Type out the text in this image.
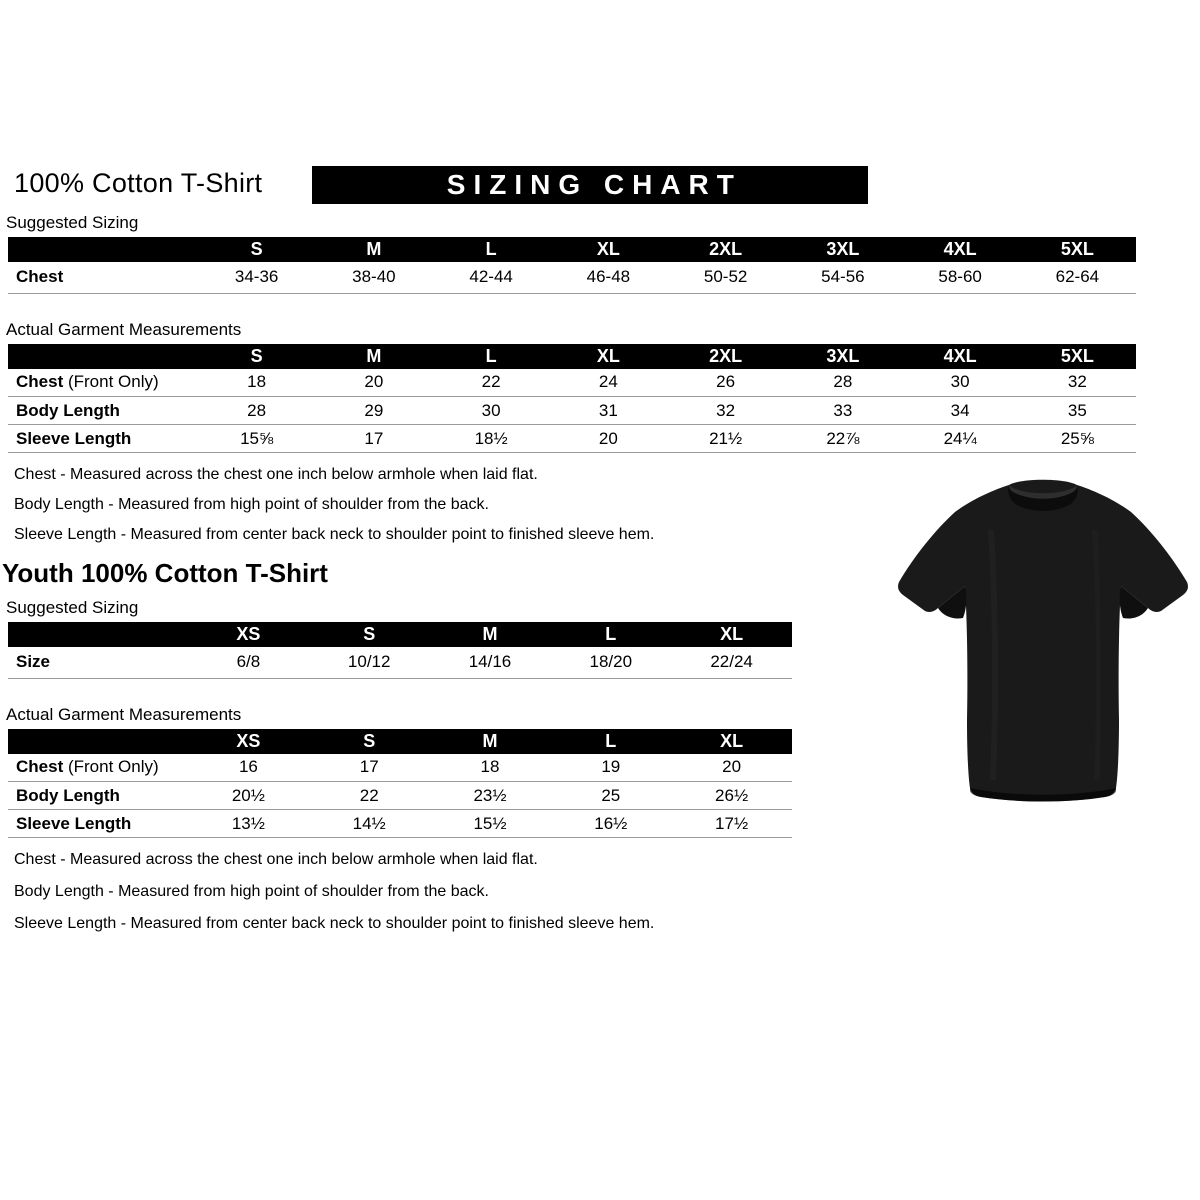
100% Cotton T-Shirt	SIZING CHART
Suggested Sizing
	S	M	L	XL	2XL	3XL	4XL	5XL
Chest	34-36	38-40	42-44	46-48	50-52	54-56	58-60	62-64
Actual Garment Measurements
	S	M	L	XL	2XL	3XL	4XL	5XL
Chest (Front Only)	18	20	22	24	26	28	30	32
Body Length	28	29	30	31	32	33	34	35
Sleeve Length	15⅝	17	18½	20	21½	22⅞	24¼	25⅝

Chest - Measured across the chest one inch below armhole when laid flat.

Body Length - Measured from high point of shoulder from the back.

Sleeve Length - Measured from center back neck to shoulder point to finished sleeve hem.

Youth 100% Cotton T-Shirt
Suggested Sizing
	XS	S	M	L	XL
Size	6/8	10/12	14/16	18/20	22/24
Actual Garment Measurements
	XS	S	M	L	XL
Chest (Front Only)	16	17	18	19	20
Body Length	20½	22	23½	25	26½
Sleeve Length	13½	14½	15½	16½	17½

Chest - Measured across the chest one inch below armhole when laid flat.

Body Length - Measured from high point of shoulder from the back.

Sleeve Length - Measured from center back neck to shoulder point to finished sleeve hem.
